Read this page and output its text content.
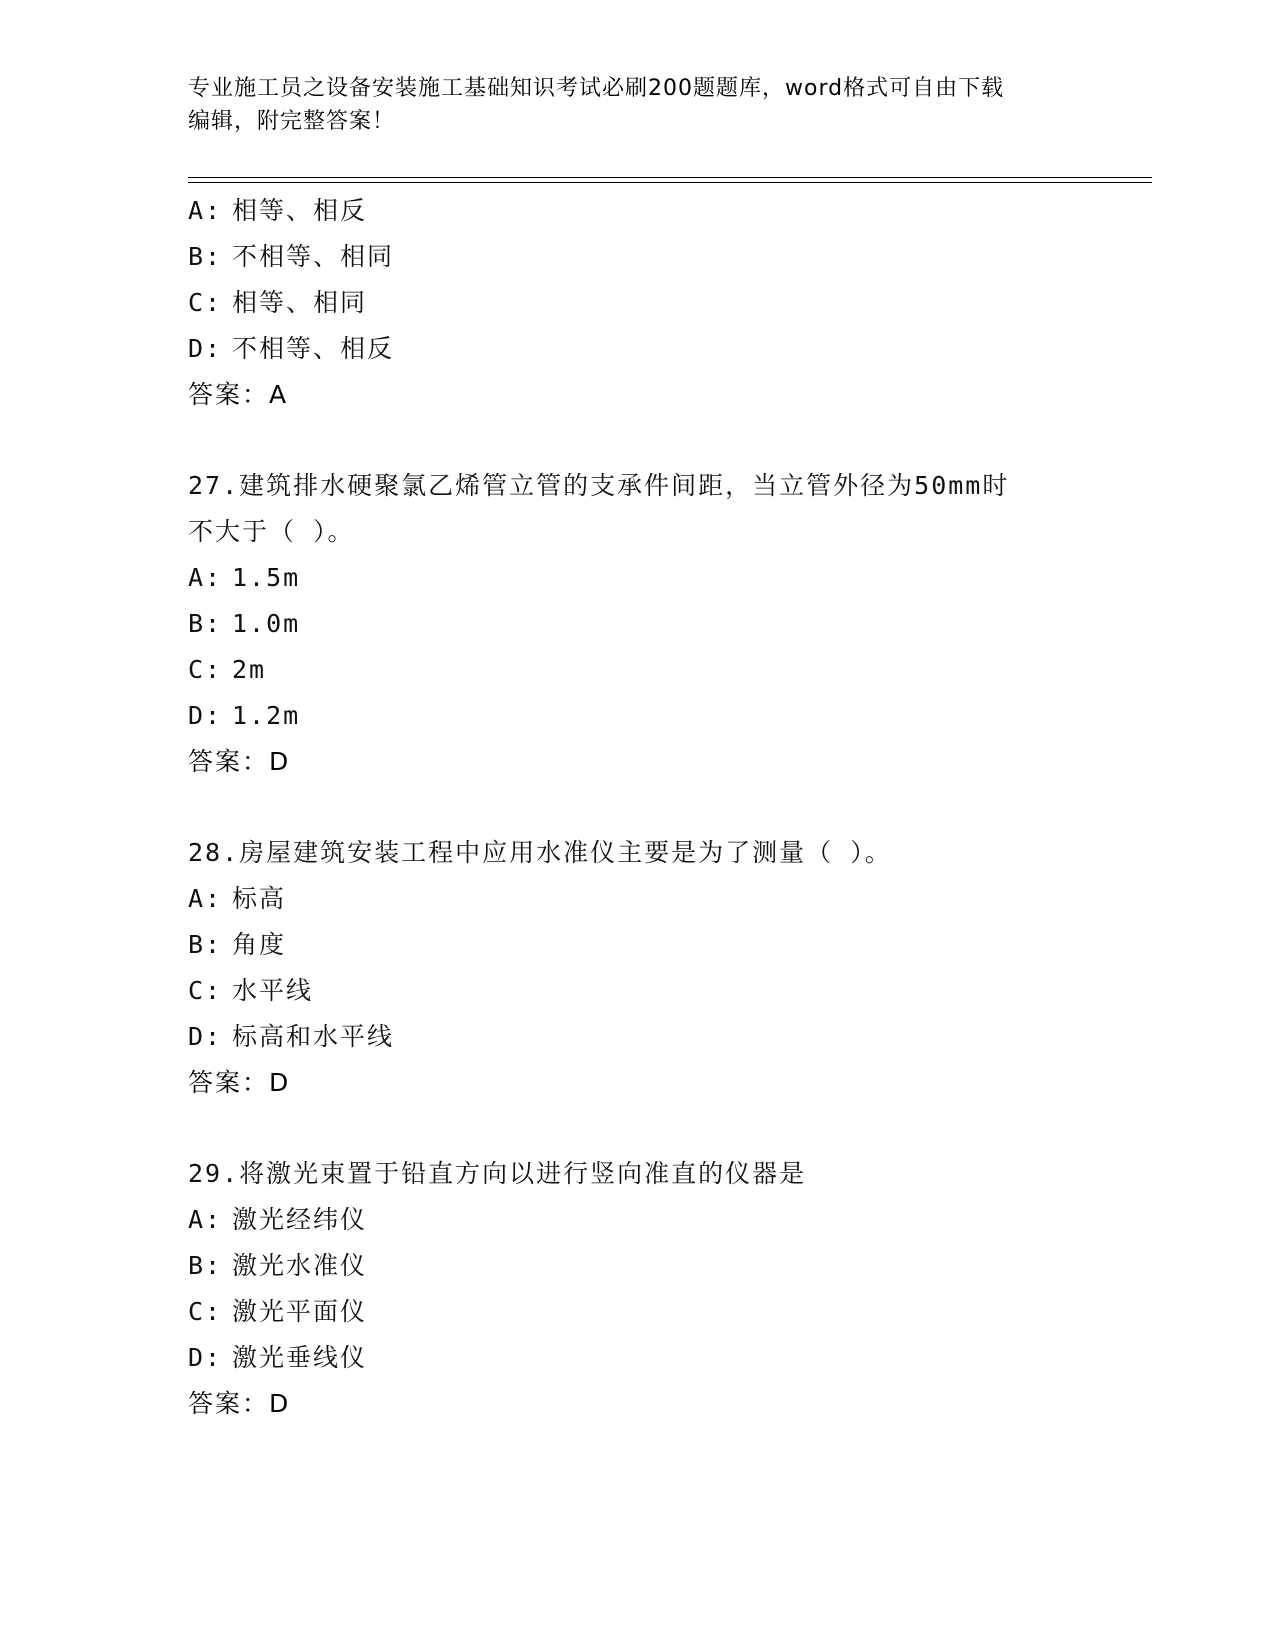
专业施工员之设备安装施工基础知识考试必刷200题题库，word格式可自由下载
编辑，附完整答案！
A: 相等、相反
B: 不相等、相同
C: 相等、相同
D: 不相等、相反
答案：A
27.建筑排水硬聚氯乙烯管立管的支承件间距，当立管外径为50mm时
不大于（ ）。
A: 1.5m
B: 1.0m
C: 2m
D: 1.2m
答案：D
28.房屋建筑安装工程中应用水准仪主要是为了测量（ ）。
A: 标高
B: 角度
C: 水平线
D: 标高和水平线
答案：D
29.将激光束置于铅直方向以进行竖向准直的仪器是
A: 激光经纬仪
B: 激光水准仪
C: 激光平面仪
D: 激光垂线仪
答案：D
